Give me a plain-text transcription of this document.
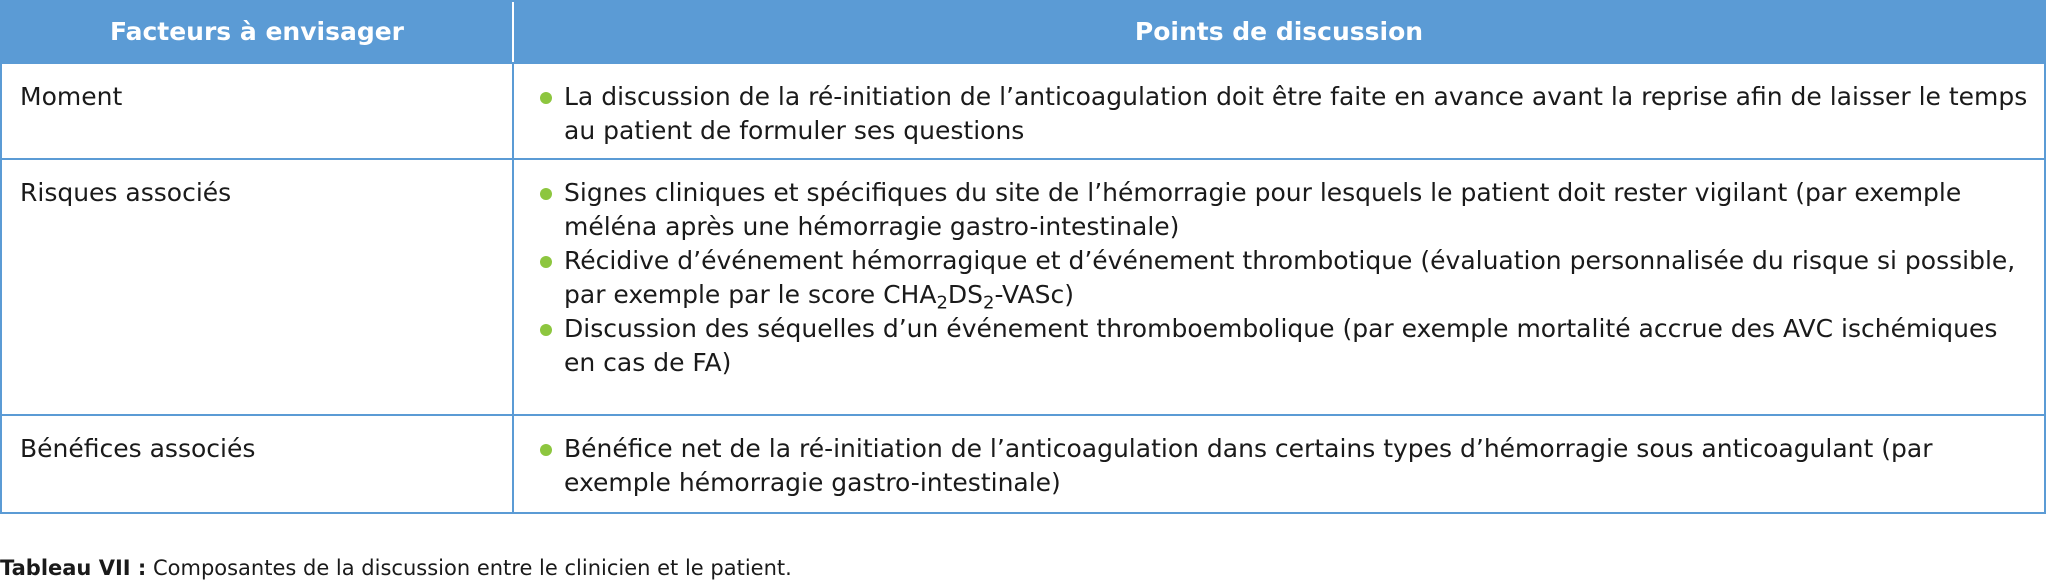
Facteurs à envisager	Points de discussion
Moment	La discussion de la ré-initiation de l’anticoagulation doit être faite en avance avant la reprise afin de laisser le temps au patient de formuler ses questions
Risques associés	Signes cliniques et spécifiques du site de l’hémorragie pour lesquels le patient doit rester vigilant (par exemple méléna après une hémorragie gastro-intestinale)
Récidive d’événement hémorragique et d’événement thrombotique (évaluation personnalisée du risque si possible, par exemple par le score $CHA_2DS_2-VASc$)
Discussion des séquelles d’un événement thromboembolique (par exemple mortalité accrue des AVC ischémiques en cas de FA)
Bénéfices associés	Bénéfice net de la ré-initiation de l’anticoagulation dans certains types d’hémorragie sous anticoagulant (par exemple hémorragie gastro-intestinale)
Tableau VII : Composantes de la discussion entre le clinicien et le patient.
